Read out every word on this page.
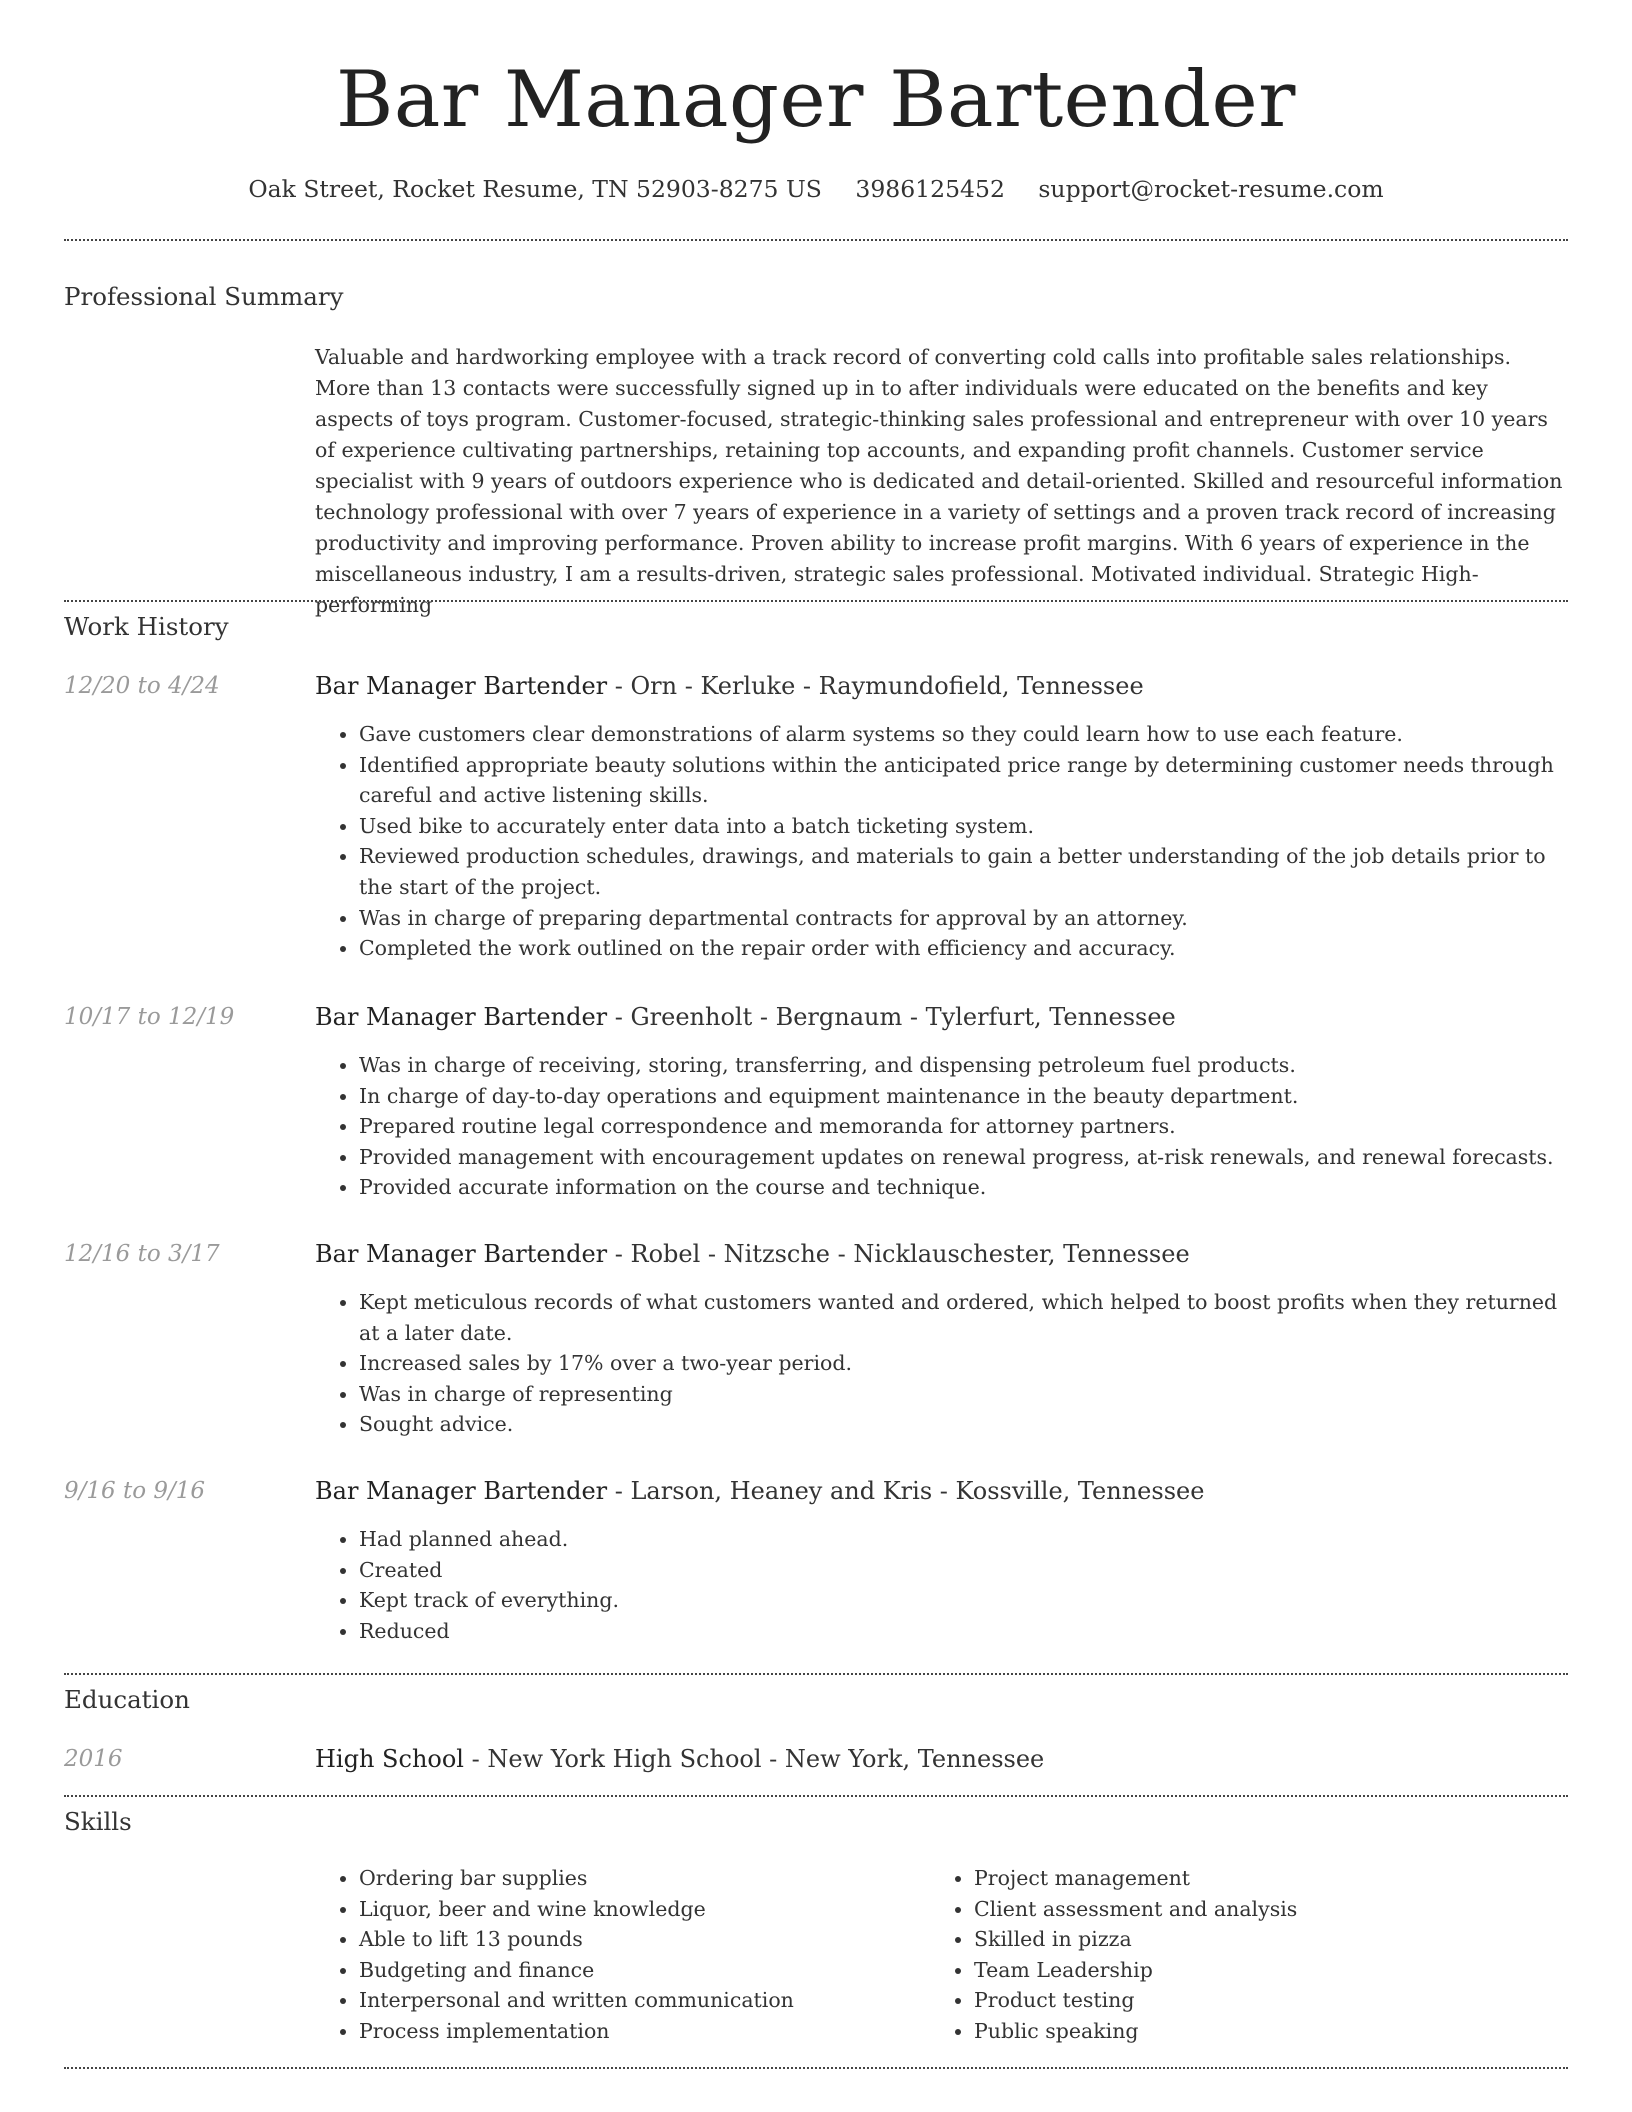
Bar Manager Bartender
Oak Street, Rocket Resume, TN 52903-8275 US 3986125452 support@rocket-resume.com
Professional Summary
Valuable and hardworking employee with a track record of converting cold calls into profitable sales relationships. More than 13 contacts were successfully signed up in to after individuals were educated on the benefits and key aspects of toys program. Customer-focused, strategic-thinking sales professional and entrepreneur with over 10 years of experience cultivating partnerships, retaining top accounts, and expanding profit channels. Customer service specialist with 9 years of outdoors experience who is dedicated and detail-oriented. Skilled and resourceful information technology professional with over 7 years of experience in a variety of settings and a proven track record of increasing productivity and improving performance. Proven ability to increase profit margins. With 6 years of experience in the miscellaneous industry, I am a results-driven, strategic sales professional. Motivated individual. Strategic High-performing
Work History
12/20 to 4/24	Bar Manager Bartender - Orn - Kerluke - Raymundofield, Tennessee
• Gave customers clear demonstrations of alarm systems so they could learn how to use each feature.
• Identified appropriate beauty solutions within the anticipated price range by determining customer needs through careful and active listening skills.
• Used bike to accurately enter data into a batch ticketing system.
• Reviewed production schedules, drawings, and materials to gain a better understanding of the job details prior to the start of the project.
• Was in charge of preparing departmental contracts for approval by an attorney.
• Completed the work outlined on the repair order with efficiency and accuracy.
10/17 to 12/19	Bar Manager Bartender - Greenholt - Bergnaum - Tylerfurt, Tennessee
• Was in charge of receiving, storing, transferring, and dispensing petroleum fuel products.
• In charge of day-to-day operations and equipment maintenance in the beauty department.
• Prepared routine legal correspondence and memoranda for attorney partners.
• Provided management with encouragement updates on renewal progress, at-risk renewals, and renewal forecasts.
• Provided accurate information on the course and technique.
12/16 to 3/17	Bar Manager Bartender - Robel - Nitzsche - Nicklauschester, Tennessee
• Kept meticulous records of what customers wanted and ordered, which helped to boost profits when they returned at a later date.
• Increased sales by 17% over a two-year period.
• Was in charge of representing
• Sought advice.
9/16 to 9/16	Bar Manager Bartender - Larson, Heaney and Kris - Kossville, Tennessee
• Had planned ahead.
• Created
• Kept track of everything.
• Reduced
Education
2016	High School - New York High School - New York, Tennessee
Skills
• Ordering bar supplies
• Liquor, beer and wine knowledge
• Able to lift 13 pounds
• Budgeting and finance
• Interpersonal and written communication
• Process implementation
• Project management
• Client assessment and analysis
• Skilled in pizza
• Team Leadership
• Product testing
• Public speaking
